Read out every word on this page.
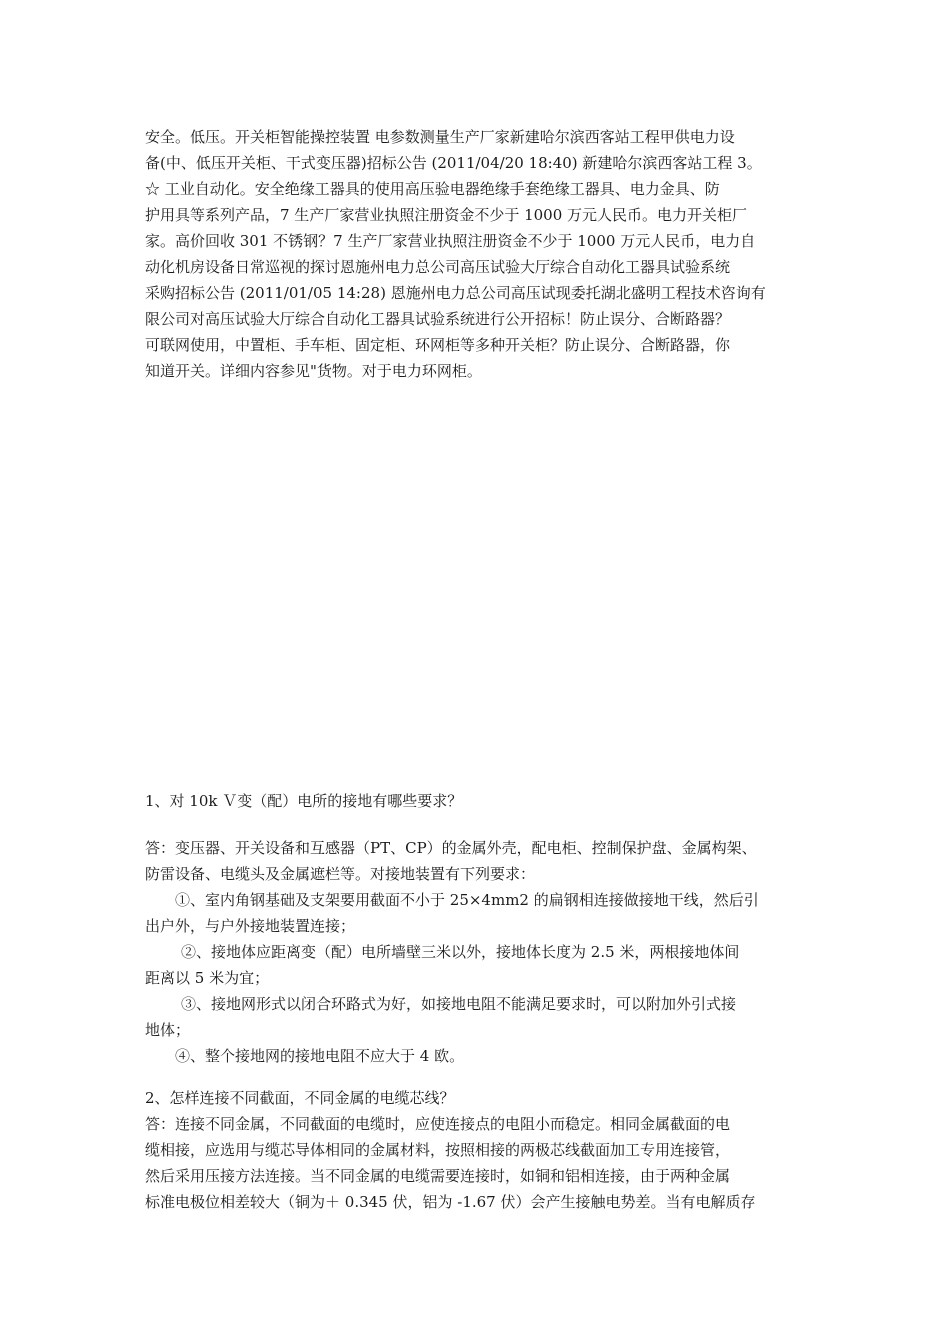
安全。低压。开关柜智能操控装置 电参数测量生产厂家新建哈尔滨西客站工程甲供电力设
备(中、低压开关柜、干式变压器)招标公告 (2011/04/20 18:40) 新建哈尔滨西客站工程 3。
☆ 工业自动化。安全绝缘工器具的使用高压验电器绝缘手套绝缘工器具、电力金具、防
护用具等系列产品，7 生产厂家营业执照注册资金不少于 1000 万元人民币。电力开关柜厂
家。高价回收 301 不锈钢？7 生产厂家营业执照注册资金不少于 1000 万元人民币，电力自
动化机房设备日常巡视的探讨恩施州电力总公司高压试验大厅综合自动化工器具试验系统
采购招标公告 (2011/01/05 14:28) 恩施州电力总公司高压试现委托湖北盛明工程技术咨询有
限公司对高压试验大厅综合自动化工器具试验系统进行公开招标！防止误分、合断路器？
可联网使用，中置柜、手车柜、固定柜、环网柜等多种开关柜？防止误分、合断路器，你
知道开关。详细内容参见"货物。对于电力环网柜。
1、对 10k Ｖ变（配）电所的接地有哪些要求？
答：变压器、开关设备和互感器（PT、CP）的金属外壳，配电柜、控制保护盘、金属构架、
防雷设备、电缆头及金属遮栏等。对接地装置有下列要求：
①、室内角钢基础及支架要用截面不小于 25×4mm2 的扁钢相连接做接地干线，然后引
出户外，与户外接地装置连接；
②、接地体应距离变（配）电所墙壁三米以外，接地体长度为 2.5 米，两根接地体间
距离以 5 米为宜；
③、接地网形式以闭合环路式为好，如接地电阻不能满足要求时，可以附加外引式接
地体；
④、整个接地网的接地电阻不应大于 4 欧。
2、怎样连接不同截面，不同金属的电缆芯线？
答：连接不同金属，不同截面的电缆时，应使连接点的电阻小而稳定。相同金属截面的电
缆相接，应选用与缆芯导体相同的金属材料，按照相接的两极芯线截面加工专用连接管，
然后采用压接方法连接。当不同金属的电缆需要连接时，如铜和铝相连接，由于两种金属
标准电极位相差较大（铜为＋ 0.345 伏，铝为 -1.67 伏）会产生接触电势差。当有电解质存
